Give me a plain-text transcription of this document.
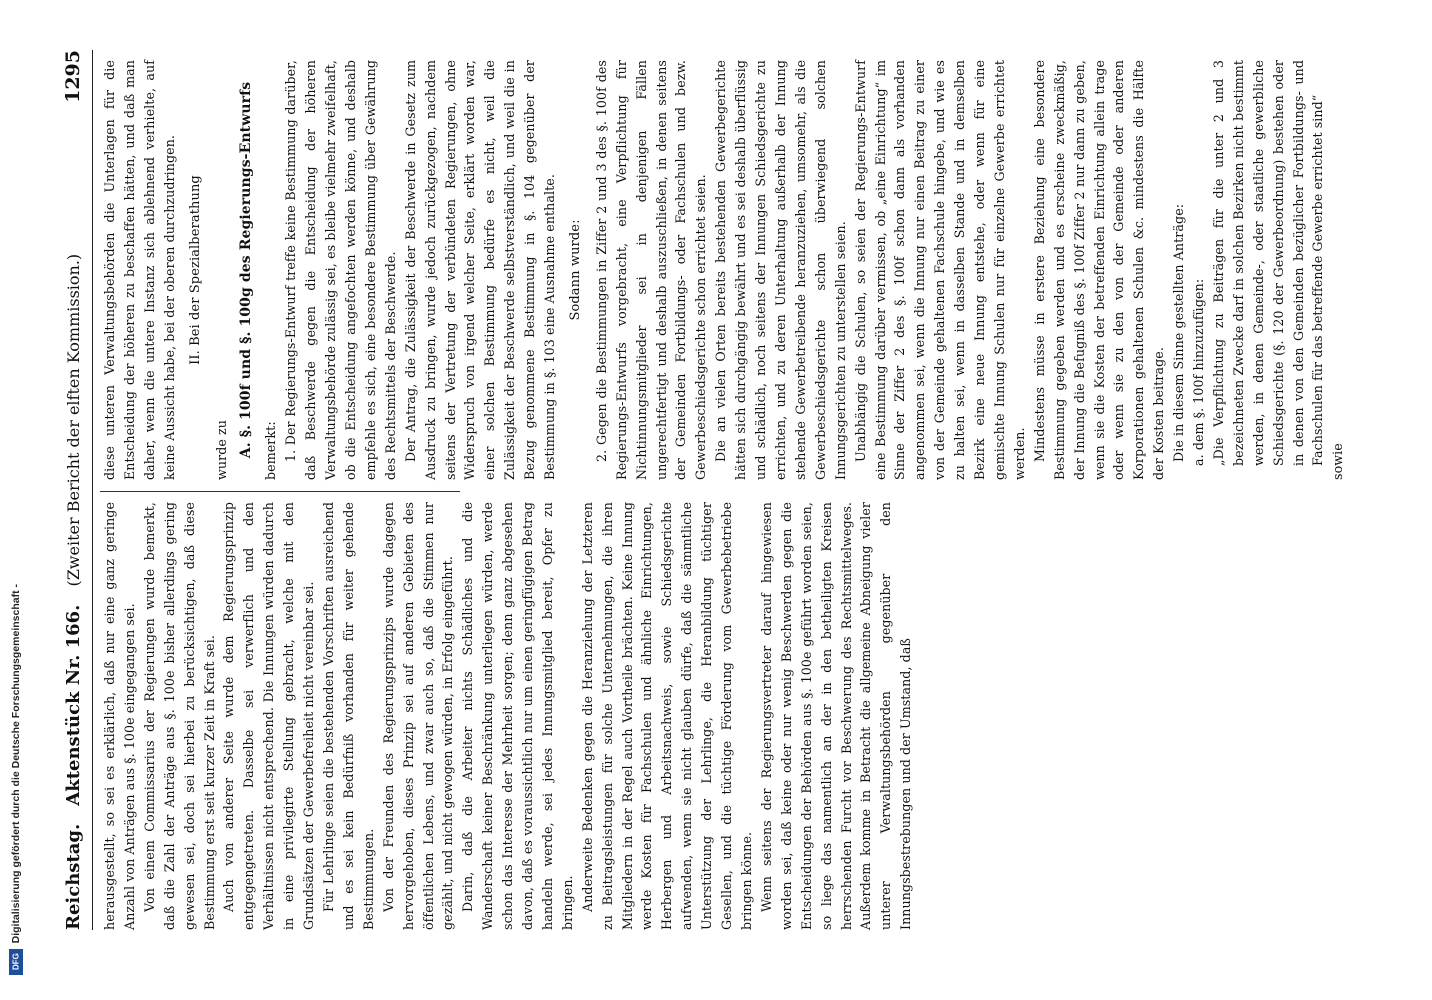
Reichstag.
Aktenstück Nr. 166.
(Zweiter Bericht der elften Kommission.)
1295

herausgestellt, so sei es erklärlich, daß nur eine ganz geringe Anzahl von Anträgen aus §. 100e eingegangen sei. Von einem Commissarius der Regierungen wurde bemerkt, daß die Zahl der Anträge aus §. 100e bisher allerdings gering gewesen sei, doch sei hierbei zu berücksichtigen, daß diese Bestimmung erst seit kurzer Zeit in Kraft sei. Auch von anderer Seite wurde dem Regierungsprinzip entgegengetreten. Dasselbe sei verwerflich und den Verhältnissen nicht entsprechend. Die Innungen würden dadurch in eine privilegirte Stellung gebracht, welche mit den Grundsätzen der Gewerbefreiheit nicht vereinbar sei. Für Lehrlinge seien die bestehenden Vorschriften ausreichend und es sei kein Bedürfniß vorhanden für weiter gehende Bestimmungen. Von der Freunden des Regierungsprinzips wurde dagegen hervorgehoben, dieses Prinzip sei auf anderen Gebieten des öffentlichen Lebens, und zwar auch so, daß die Stimmen nur gezählt, und nicht gewogen würden, in Erfolg eingeführt. Darin, daß die Arbeiter nichts Schädliches und die Wanderschaft keiner Beschränkung unterliegen würden, werde schon das Interesse der Mehrheit sorgen; denn ganz abgesehen davon, daß es voraussichtlich nur um einen geringfügigen Betrag handeln werde, sei jedes Innungsmitglied bereit, Opfer zu bringen. Anderweite Bedenken gegen die Heranziehung der Letzteren zu Beitragsleistungen für solche Unternehmungen, die ihren Mitgliedern in der Regel auch Vortheile brächten. Keine Innung werde Kosten für Fachschulen und ähnliche Einrichtungen, Herbergen und Arbeitsnachweis, sowie Schiedsgerichte aufwenden, wenn sie nicht glauben dürfe, daß die sämmtliche Unterstützung der Lehrlinge, die Heranbildung tüchtiger Gesellen, und die tüchtige Förderung vom Gewerbebetriebe bringen könne. Wenn seitens der Regierungsvertreter darauf hingewiesen worden sei, daß keine oder nur wenig Beschwerden gegen die Entscheidungen der Behörden aus §. 100e geführt worden seien, so liege das namentlich an der in den betheiligten Kreisen herrschenden Furcht vor Beschwerung des Rechtsmittelweges. Außerdem komme in Betracht die allgemeine Abneigung vieler unterer Verwaltungsbehörden gegenüber den Innungsbestrebungen und der Umstand, daß

diese unteren Verwaltungsbehörden die Unterlagen für die Entscheidung der höheren zu beschaffen hätten, und daß man daher, wenn die untere Instanz sich ablehnend verhielte, auf keine Aussicht habe, bei der oberen durchzudringen. II. Bei der Spezialberathung

wurde zu A. §. 100f und §. 100g des Regierungs-Entwurfs bemerkt: 1. Der Regierungs-Entwurf treffe keine Bestimmung darüber, daß Beschwerde gegen die Entscheidung der höheren Verwaltungsbehörde zulässig sei, es bleibe vielmehr zweifelhaft, ob die Entscheidung angefochten werden könne, und deshalb empfehle es sich, eine besondere Bestimmung über Gewährung des Rechtsmittels der Beschwerde. Der Antrag, die Zulässigkeit der Beschwerde in Gesetz zum Ausdruck zu bringen, wurde jedoch zurückgezogen, nachdem seitens der Vertretung der verbündeten Regierungen, ohne Widerspruch von irgend welcher Seite, erklärt worden war, einer solchen Bestimmung bedürfe es nicht, weil die Zulässigkeit der Beschwerde selbstverständlich, und weil die in Bezug genommene Bestimmung in §. 104 gegenüber der Bestimmung in §. 103 eine Ausnahme enthalte. Sodann wurde: 2. Gegen die Bestimmungen in Ziffer 2 und 3 des §. 100f des Regierungs-Entwurfs vorgebracht, eine Verpflichtung für Nichtinnungsmitglieder sei in denjenigen Fällen ungerechtfertigt und deshalb auszuschließen, in denen seitens der Gemeinden Fortbildungs- oder Fachschulen und bezw. Gewerbeschiedsgerichte schon errichtet seien. Die an vielen Orten bereits bestehenden Gewerbegerichte hätten sich durchgängig bewährt und es sei deshalb überflüssig und schädlich, noch seitens der Innungen Schiedsgerichte zu errichten, und zu deren Unterhaltung außerhalb der Innung stehende Gewerbetreibende heranzuziehen, umsomehr, als die Gewerbeschiedsgerichte schon überwiegend solchen Innungsgerichten zu unterstellen seien. Unabhängig die Schulen, so seien der Regierungs-Entwurf eine Bestimmung darüber vermissen, ob „eine Einrichtung“ im Sinne der Ziffer 2 des §. 100f schon dann als vorhanden angenommen sei, wenn die Innung nur einen Beitrag zu einer von der Gemeinde gehaltenen Fachschule hingebe, und wie es zu halten sei, wenn in dasselben Stande und in demselben Bezirk eine neue Innung entstehe, oder wenn für eine gemischte Innung Schulen nur für einzelne Gewerbe errichtet werden. Mindestens müsse in erstere Beziehung eine besondere Bestimmung gegeben werden und es erscheine zweckmäßig, der Innung die Befugniß des §. 100f Ziffer 2 nur dann zu geben, wenn sie die Kosten der betreffenden Einrichtung allein trage oder wenn sie zu den von der Gemeinde oder anderen Korporationen gehaltenen Schulen &c. mindestens die Hälfte der Kosten beitrage. Die in diesem Sinne gestellten Anträge: a. dem §. 100f hinzuzufügen: „Die Verpflichtung zu Beiträgen für die unter 2 und 3 bezeichneten Zwecke darf in solchen Bezirken nicht bestimmt werden, in denen Gemeinde-, oder staatliche gewerbliche Schiedsgerichte (§. 120 der Gewerbeordnung) bestehen oder in denen von den Gemeinden bezüglicher Fortbildungs- und Fachschulen für das betreffende Gewerbe errichtet sind“ sowie

Digitalisierung gefördert durch die Deutsche Forschungsgemeinschaft -
DFG
